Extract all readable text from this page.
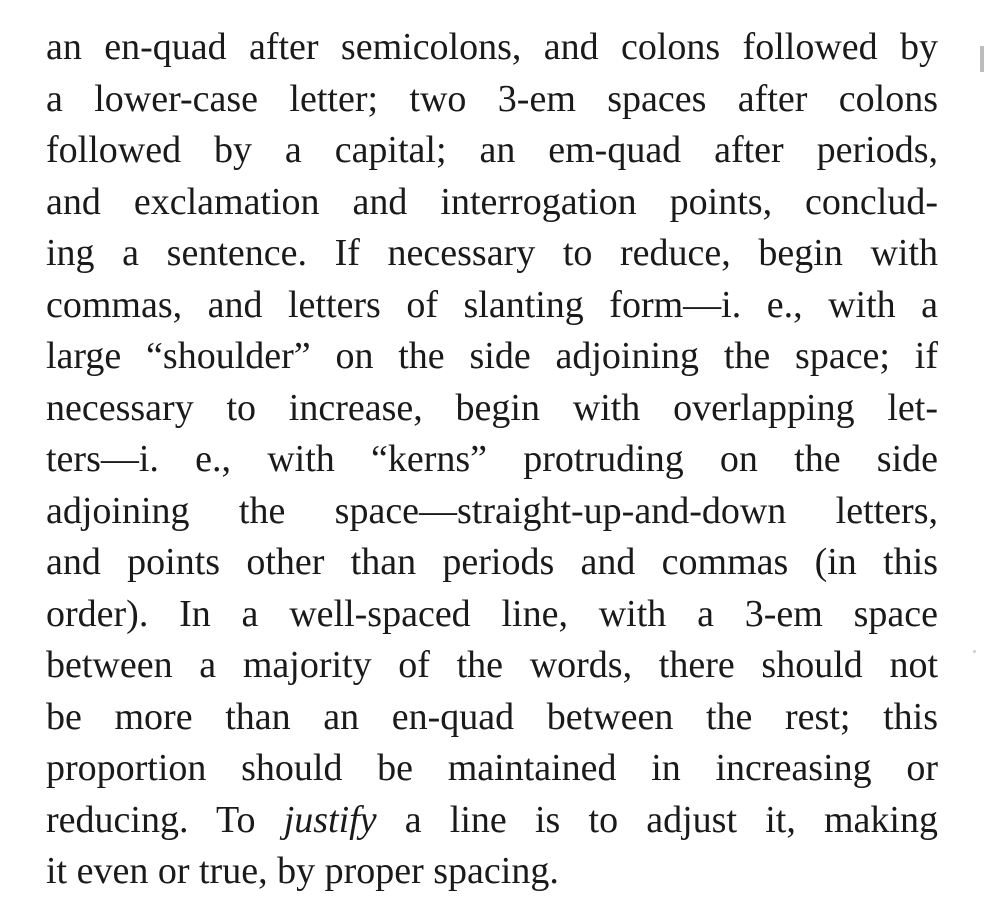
an en-quad after semicolons, and colons followed by
a lower-case letter; two 3-em spaces after colons
followed by a capital; an em-quad after periods,
and exclamation and interrogation points, conclud-
ing a sentence. If necessary to reduce, begin with
commas, and letters of slanting form—i. e., with a
large “shoulder” on the side adjoining the space; if
necessary to increase, begin with overlapping let-
ters—i. e., with “kerns” protruding on the side
adjoining the space—straight-up-and-down letters,
and points other than periods and commas (in this
order). In a well-spaced line, with a 3-em space
between a majority of the words, there should not
be more than an en-quad between the rest; this
proportion should be maintained in increasing or
reducing. To justify a line is to adjust it, making
it even or true, by proper spacing.
